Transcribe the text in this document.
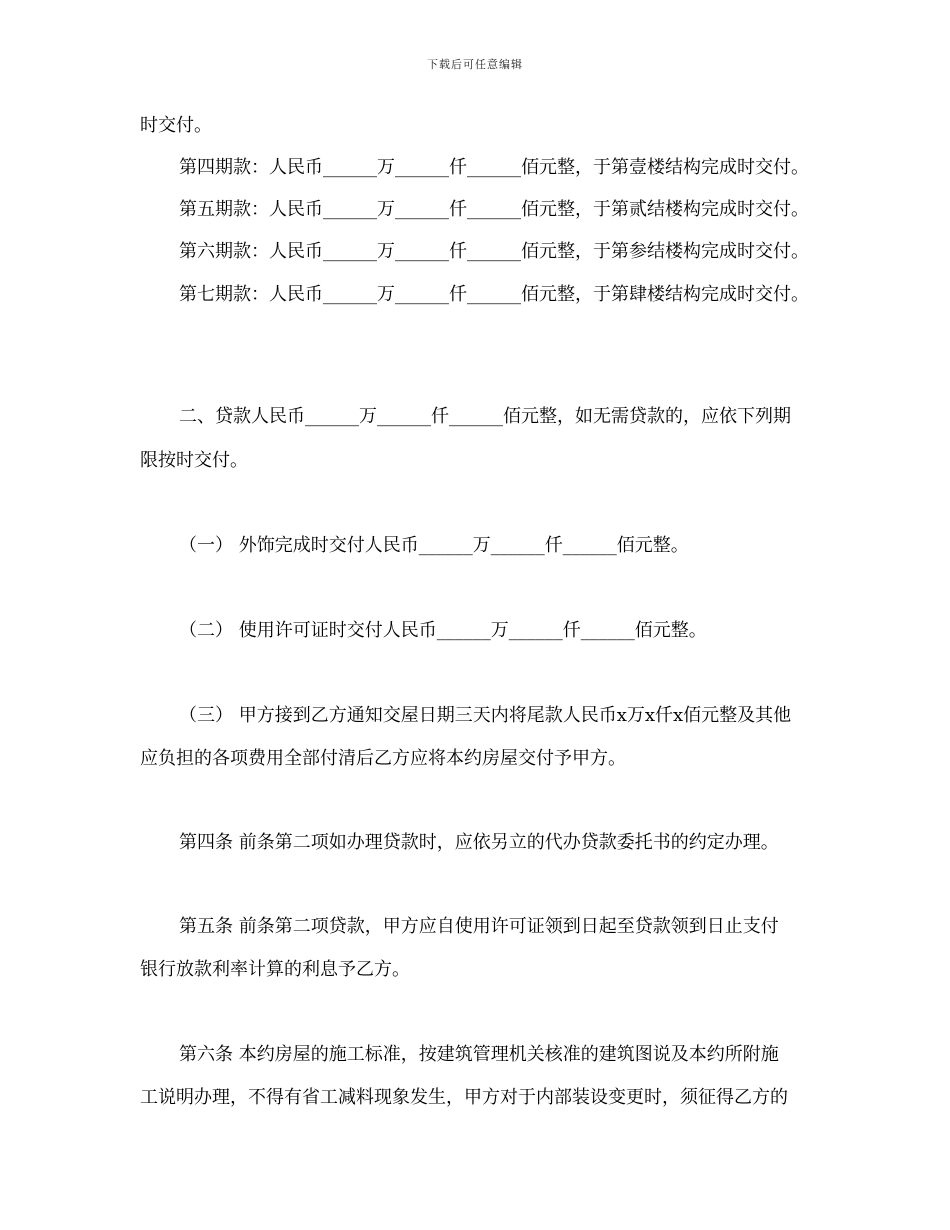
下载后可任意编辑
时交付。
第四期款：人民币______万______仟______佰元整，于第壹楼结构完成时交付。
第五期款：人民币______万______仟______佰元整，于第贰结楼构完成时交付。
第六期款：人民币______万______仟______佰元整，于第参结楼构完成时交付。
第七期款：人民币______万______仟______佰元整，于第肆楼结构完成时交付。
二、贷款人民币______万______仟______佰元整，如无需贷款的，应依下列期
限按时交付。
（一） 外饰完成时交付人民币______万______仟______佰元整。
（二） 使用许可证时交付人民币______万______仟______佰元整。
（三） 甲方接到乙方通知交屋日期三天内将尾款人民币x万x仟x佰元整及其他
应负担的各项费用全部付清后乙方应将本约房屋交付予甲方。
第四条 前条第二项如办理贷款时，应依另立的代办贷款委托书的约定办理。
第五条 前条第二项贷款，甲方应自使用许可证领到日起至贷款领到日止支付
银行放款利率计算的利息予乙方。
第六条 本约房屋的施工标准，按建筑管理机关核准的建筑图说及本约所附施
工说明办理，不得有省工减料现象发生，甲方对于内部装设变更时，须征得乙方的
